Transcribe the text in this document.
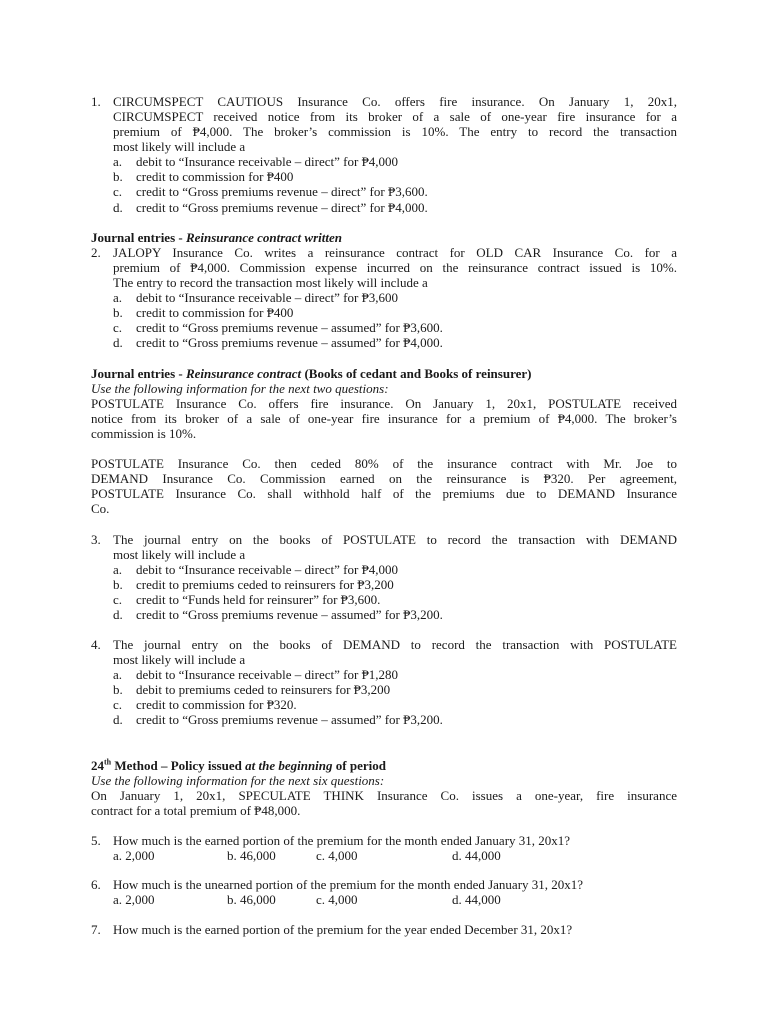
1. CIRCUMSPECT CAUTIOUS Insurance Co. offers fire insurance. On January 1, 20x1,
CIRCUMSPECT received notice from its broker of a sale of one-year fire insurance for a
premium of ₱4,000. The broker’s commission is 10%. The entry to record the transaction
most likely will include a
a. debit to “Insurance receivable – direct” for ₱4,000
b. credit to commission for ₱400
c. credit to “Gross premiums revenue – direct” for ₱3,600.
d. credit to “Gross premiums revenue – direct” for ₱4,000.
Journal entries - Reinsurance contract written
2. JALOPY Insurance Co. writes a reinsurance contract for OLD CAR Insurance Co. for a
premium of ₱4,000. Commission expense incurred on the reinsurance contract issued is 10%.
The entry to record the transaction most likely will include a
a. debit to “Insurance receivable – direct” for ₱3,600
b. credit to commission for ₱400
c. credit to “Gross premiums revenue – assumed” for ₱3,600.
d. credit to “Gross premiums revenue – assumed” for ₱4,000.
Journal entries - Reinsurance contract (Books of cedant and Books of reinsurer)
Use the following information for the next two questions:
POSTULATE Insurance Co. offers fire insurance. On January 1, 20x1, POSTULATE received
notice from its broker of a sale of one-year fire insurance for a premium of ₱4,000. The broker’s
commission is 10%.
POSTULATE Insurance Co. then ceded 80% of the insurance contract with Mr. Joe to
DEMAND Insurance Co. Commission earned on the reinsurance is ₱320. Per agreement,
POSTULATE Insurance Co. shall withhold half of the premiums due to DEMAND Insurance
Co.
3. The journal entry on the books of POSTULATE to record the transaction with DEMAND
most likely will include a
a. debit to “Insurance receivable – direct” for ₱4,000
b. credit to premiums ceded to reinsurers for ₱3,200
c. credit to “Funds held for reinsurer” for ₱3,600.
d. credit to “Gross premiums revenue – assumed” for ₱3,200.
4. The journal entry on the books of DEMAND to record the transaction with POSTULATE
most likely will include a
a. debit to “Insurance receivable – direct” for ₱1,280
b. debit to premiums ceded to reinsurers for ₱3,200
c. credit to commission for ₱320.
d. credit to “Gross premiums revenue – assumed” for ₱3,200.
24th Method – Policy issued at the beginning of period
Use the following information for the next six questions:
On January 1, 20x1, SPECULATE THINK Insurance Co. issues a one-year, fire insurance
contract for a total premium of ₱48,000.
5. How much is the earned portion of the premium for the month ended January 31, 20x1?
a. 2,000	b. 46,000	c. 4,000	d. 44,000
6. How much is the unearned portion of the premium for the month ended January 31, 20x1?
a. 2,000	b. 46,000	c. 4,000	d. 44,000
7. How much is the earned portion of the premium for the year ended December 31, 20x1?
